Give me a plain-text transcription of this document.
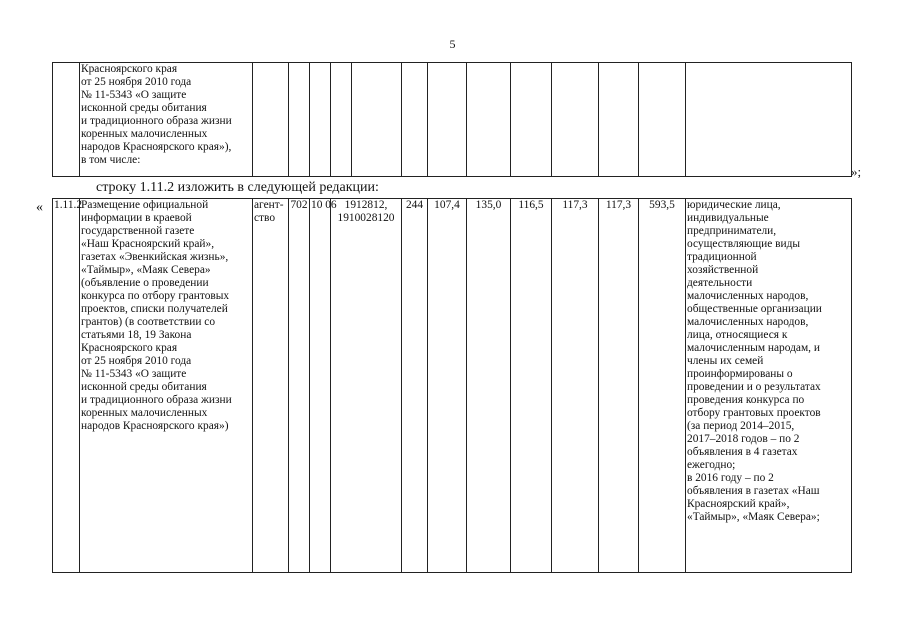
5
	Красноярского края
от 25 ноября 2010 года
№ 11-5343 «О защите
исконной среды обитания
и традиционного образа жизни
коренных малочисленных
народов Красноярского края»),
в том числе:													
»;
строку 1.11.2 изложить в следующей редакции:
« 1.11.2	Размещение официальной
информации в краевой
государственной газете
«Наш Красноярский край»,
газетах «Эвенкийская жизнь»,
«Таймыр», «Маяк Севера»
(объявление о проведении
конкурса по отбору грантовых
проектов, списки получателей
грантов) (в соответствии со
статьями 18, 19 Закона
Красноярского края
от 25 ноября 2010 года
№ 11-5343 «О защите
исконной среды обитания
и традиционного образа жизни
коренных малочисленных
народов Красноярского края»)	агент-
ство	702	10 06	1912812,
1910028120	244	107,4	135,0	116,5	117,3	117,3	593,5	юридические лица,
индивидуальные
предприниматели,
осуществляющие виды
традиционной
хозяйственной
деятельности
малочисленных народов,
общественные организации
малочисленных народов,
лица, относящиеся к
малочисленным народам, и
члены их семей
проинформированы о
проведении и о результатах
проведения конкурса по
отбору грантовых проектов
(за период 2014–2015,
2017–2018 годов – по 2
объявления в 4 газетах
ежегодно;
в 2016 году – по 2
объявления в газетах «Наш
Красноярский край»,
«Таймыр», «Маяк Севера»;
